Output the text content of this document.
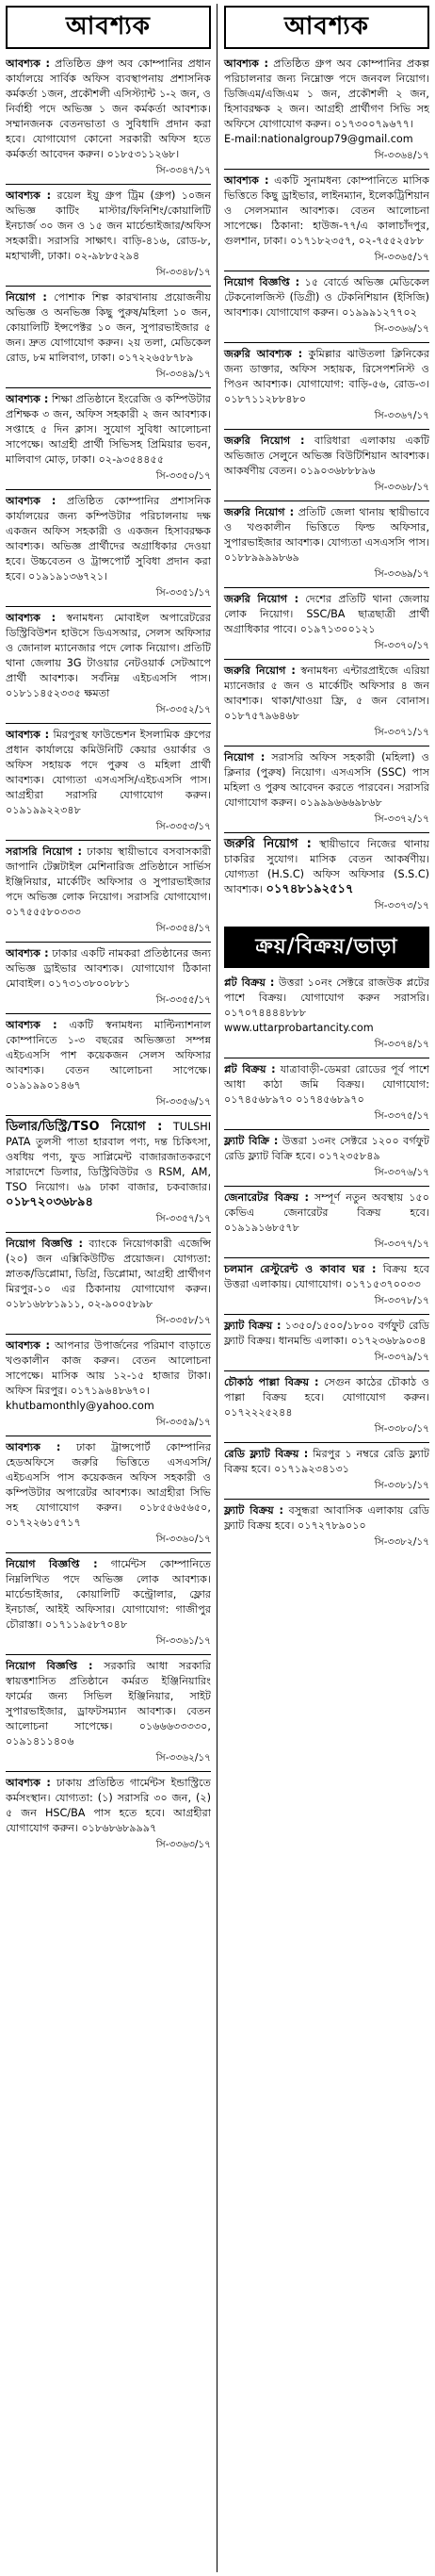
আবশ্যক
আবশ্যক : প্রতিষ্ঠিত গ্রুপ অব কোম্পানির প্রধান কার্যালয়ে সার্বিক অফিস ব্যবস্থাপনায় প্রশাসনিক কর্মকর্তা ১জন, প্রকৌশলী এসিস্ট্যান্ট ১-২ জন, ও নির্বাহী পদে অভিজ্ঞ ১ জন কর্মকর্তা আবশ্যক। সম্মানজনক বেতনভাতা ও সুবিধাদি প্রদান করা হবে। যোগাযোগ কোনো সরকারী অফিস হতে কর্মকর্তা আবেদন করুন। ০১৮৫৩১১২৬৮।
সি-৩৩৪৭/১৭
আবশ্যক : রয়েল ইয়ু গ্রুপ ট্রিম (গ্রুপ) ১০জন অভিজ্ঞ কাটিং মাস্টার/ফিনিশিং/কোয়ালিটি ইনচার্জ ৩০ জন ও ১৫ জন মার্চেন্ডাইজার/অফিস সহকারী। সরাসরি সাক্ষাৎ। বাড়ি-৪১৬, রোড-৮, মহাখালী, ঢাকা। ০২-৯৮৮৫২৯৪
সি-৩৩৪৮/১৭
নিয়োগ : পোশাক শিল্প কারখানায় প্রয়োজনীয় অভিজ্ঞ ও অনভিজ্ঞ কিছু পুরুষ/মহিলা ১০ জন, কোয়ালিটি ইন্সপেক্টর ১০ জন, সুপারভাইজার ৫ জন। দ্রুত যোগাযোগ করুন। ২য় তলা, মেডিকেল রোড, ৮ম মালিবাগ, ঢাকা। ০১৭২২৬৫৮৭৮৯
সি-৩৩৪৯/১৭
আবশ্যক : শিক্ষা প্রতিষ্ঠানে ইংরেজি ও কম্পিউটার প্রশিক্ষক ৩ জন, অফিস সহকারী ২ জন আবশ্যক। সপ্তাহে ৫ দিন ক্লাস। সুযোগ সুবিধা আলোচনা সাপেক্ষে। আগ্রহী প্রার্থী সিভিসহ প্রিমিয়ার ভবন, মালিবাগ মোড়, ঢাকা। ০২-৯৩৫৪৪৫৫
সি-৩৩৫০/১৭
আবশ্যক : প্রতিষ্ঠিত কোম্পানির প্রশাসনিক কার্যালয়ের জন্য কম্পিউটার পরিচালনায় দক্ষ একজন অফিস সহকারী ও একজন হিসাবরক্ষক আবশ্যক। অভিজ্ঞ প্রার্থীদের অগ্রাধিকার দেওয়া হবে। উচ্চবেতন ও ট্রান্সপোর্ট সুবিধা প্রদান করা হবে। ০১৯১৯১৩৬৭২১।
সি-৩৩৫১/১৭
আবশ্যক : স্বনামধন্য মোবাইল অপারেটরের ডিস্ট্রিবিউশন হাউসে ডিএসআর, সেলস অফিসার ও জোনাল ম্যানেজার পদে লোক নিয়োগ। প্রতিটি থানা জেলায় 3G টাওয়ার নেটওয়ার্ক সেটআপে প্রার্থী আবশ্যক। সর্বনিম্ন এইচএসসি পাস। ০১৮১১৪৫২৩৩৫ ক্ষমতা
সি-৩৩৫২/১৭
আবশ্যক : মিরপুরস্থ ফাউন্ডেশন ইসলামিক গ্রুপের প্রধান কার্যালয়ে কমিউনিটি কেয়ার ওয়ার্কার ও অফিস সহায়ক পদে পুরুষ ও মহিলা প্রার্থী আবশ্যক। যোগ্যতা এসএসসি/এইচএসসি পাস। আগ্রহীরা সরাসরি যোগাযোগ করুন। ০১৯১৯৯২২৩৪৮
সি-৩৩৫৩/১৭
সরাসরি নিয়োগ : ঢাকায় স্থায়ীভাবে বসবাসকারী জাপানি টেক্সটাইল মেশিনারিজ প্রতিষ্ঠানে সার্ভিস ইঞ্জিনিয়ার, মার্কেটিং অফিসার ও সুপারভাইজার পদে অভিজ্ঞ লোক নিয়োগ। সরাসরি যোগাযোগ। ০১৭৫৫৫৮০৩৩৩
সি-৩৩৫৪/১৭
আবশ্যক : ঢাকার একটি নামকরা প্রতিষ্ঠানের জন্য অভিজ্ঞ ড্রাইভার আবশ্যক। যোগাযোগ ঠিকানা মোবাইল। ০১৭৩১৩৮০০৮৮১
সি-৩৩৫৫/১৭
আবশ্যক : একটি স্বনামধন্য মাল্টিন্যাশনাল কোম্পানিতে ১-৩ বছরের অভিজ্ঞতা সম্পন্ন এইচএসসি পাশ কয়েকজন সেলস অফিসার আবশ্যক। বেতন আলোচনা সাপেক্ষে। ০১৯১৯৯০১৪৬৭
সি-৩৩৫৬/১৭
ডিলার/ডিস্ট্রি/TSO নিয়োগ : TULSHI PATA তুলসী পাতা হারবাল পণ্য, দন্ত চিকিৎসা, ওষধিয় পণ্য, ফুড সাপ্লিমেন্ট বাজারজাতকরণে সারাদেশে ডিলার, ডিস্ট্রিবিউটর ও RSM, AM, TSO নিয়োগ। ৬৯ ঢাকা বাজার, চকবাজার। ০১৮৭২০৩৬৮৯৪
সি-৩৩৫৭/১৭
নিয়োগ বিজ্ঞপ্তি : ব্যাংকে নিয়োগকারী এজেন্সি (২০) জন এক্সিকিউটিভ প্রয়োজন। যোগ্যতা: স্নাতক/ডিপ্লোমা, ডিগ্রি, ডিপ্লোমা, আগ্রহী প্রার্থীগণ মিরপুর-১০ এর ঠিকানায় যোগাযোগ করুন। ০১৮১৬৮৮১৯১১, ০২-৯০০৫৮৯৮
সি-৩৩৫৮/১৭
আবশ্যক : আপনার উপার্জনের পরিমাণ বাড়াতে খণ্ডকালীন কাজ করুন। বেতন আলোচনা সাপেক্ষে। মাসিক আয় ১২-১৫ হাজার টাকা। অফিস মিরপুর। ০১৭১৯৬৪৮৬৭০।
khutbamonthly@yahoo.com
সি-৩৩৫৯/১৭
আবশ্যক : ঢাকা ট্রান্সপোর্ট কোম্পানির হেডঅফিসে জরুরি ভিত্তিতে এসএসসি/এইচএসসি পাস কয়েকজন অফিস সহকারী ও কম্পিউটার অপারেটর আবশ্যক। আগ্রহীরা সিভি সহ যোগাযোগ করুন। ০১৮৫৫৬৫৬৫০, ০১৭২২৬১৫৭১৭
সি-৩৩৬০/১৭
নিয়োগ বিজ্ঞপ্তি : গার্মেন্টস কোম্পানিতে নিম্নলিখিত পদে অভিজ্ঞ লোক আবশ্যক। মার্চেন্ডাইজার, কোয়ালিটি কন্ট্রোলার, ফ্লোর ইনচার্জ, আইই অফিসার। যোগাযোগ: গাজীপুর চৌরাস্তা। ০১৭১১৯৫৮৭০৪৮
সি-৩৩৬১/১৭
নিয়োগ বিজ্ঞপ্তি : সরকারি আধা সরকারি স্বায়ত্তশাসিত প্রতিষ্ঠানে কর্মরত ইঞ্জিনিয়ারিং ফার্মের জন্য সিভিল ইঞ্জিনিয়ার, সাইট সুপারভাইজার, ড্রাফটসম্যান আবশ্যক। বেতন আলোচনা সাপেক্ষে।	০১৬৬৬৩৩৩৩০, ০১৯১৪১১৪০৬
সি-৩৩৬২/১৭
আবশ্যক : ঢাকায় প্রতিষ্ঠিত গার্মেন্টস ইন্ডাস্ট্রিতে কর্মসংস্থান। যোগ্যতা: (১) সরাসরি ৩০ জন, (২) ৫ জন HSC/BA পাস হতে হবে। আগ্রহীরা যোগাযোগ করুন। ০১৮৬৮৬৮৯৯৯৭
সি-৩৩৬৩/১৭
আবশ্যক
আবশ্যক : প্রতিষ্ঠিত গ্রুপ অব কোম্পানির প্রকল্প পরিচালনার জন্য নিম্নোক্ত পদে জনবল নিয়োগ। ডিজিএম/এজিএম ১ জন, প্রকৌশলী ২ জন, হিসাবরক্ষক ২ জন। আগ্রহী প্রার্থীগণ সিভি সহ অফিসে যোগাযোগ করুন। ০১৭৩০০৭৯৬৭৭।
E-mail:nationalgroup79@gmail.com
সি-৩৩৬৪/১৭
আবশ্যক : একটি সুনামধন্য কোম্পানিতে মাসিক ভিত্তিতে কিছু ড্রাইভার, লাইনম্যান, ইলেকট্রিশিয়ান ও সেলসম্যান আবশ্যক। বেতন আলোচনা সাপেক্ষে। ঠিকানা: হাউজ-৭৭/এ কালাচাঁদপুর, গুলশান, ঢাকা। ০১৭১৮২৩৫৭, ০২-৭৫৫২৫৮৮
সি-৩৩৬৫/১৭
নিয়োগ বিজ্ঞপ্তি : ১৫ বোর্ডে অভিজ্ঞ মেডিকেল টেকনোলজিস্ট (ডিগ্রী) ও টেকনিশিয়ান (ইসিজি) আবশ্যক। যোগাযোগ করুন। ০১৯৯৯১২৭৭০২
সি-৩৩৬৬/১৭
জরুরি আবশ্যক : কুমিল্লার ঝাউতলা ক্লিনিকের জন্য ডাক্তার, অফিস সহায়ক, রিসেপশনিস্ট ও পিওন আবশ্যক। যোগাযোগ: বাড়ি-৫৬, রোড-৩। ০১৮৭১১২৮৮৪৮০
সি-৩৩৬৭/১৭
জরুরি নিয়োগ : বারিধারা এলাকায় একটি অভিজাত সেলুনে অভিজ্ঞ বিউটিশিয়ান আবশ্যক। আকর্ষণীয় বেতন। ০১৯০৩৬৮৮৮৯৬
সি-৩৩৬৮/১৭
জরুরি নিয়োগ : প্রতিটি জেলা থানায় স্থায়ীভাবে ও খণ্ডকালীন ভিত্তিতে ফিল্ড অফিসার, সুপারভাইজার আবশ্যক। যোগ্যতা এসএসসি পাস। ০১৮৮৯৯৯৯৮৬৯
সি-৩৩৬৯/১৭
জরুরি নিয়োগ : দেশের প্রতিটি থানা জেলায় লোক নিয়োগ। SSC/BA ছাত্রছাত্রী প্রার্থী অগ্রাধিকার পাবে। ০১৯৭১৩০০১২১
সি-৩৩৭০/১৭
জরুরি নিয়োগ : স্বনামধন্য এন্টারপ্রাইজে এরিয়া ম্যানেজার ৫ জন ও মার্কেটিং অফিসার ৪ জন আবশ্যক। থাকা/খাওয়া ফ্রি, ৫ জন বোনাস। ০১৮৭৫৭৯৬৪৬৮
সি-৩৩৭১/১৭
নিয়োগ : সরাসরি অফিস সহকারী (মহিলা) ও ক্লিনার (পুরুষ) নিয়োগ। এসএসসি (SSC) পাস মহিলা ও পুরুষ আবেদন করতে পারবেন। সরাসরি যোগাযোগ করুন। ০১৯৯৯৬৬৬৯৮৬৮
সি-৩৩৭২/১৭
জরুরি নিয়োগ : স্থায়ীভাবে নিজের থানায় চাকরির সুযোগ। মাসিক বেতন আকর্ষণীয়। যোগ্যতা (H.S.C) অফিস অফিসার (S.S.C) আবশ্যক। ০১৭৪৮১৯২৫১৭
সি-৩৩৭৩/১৭
ক্রয়/বিক্রয়/ভাড়া
প্লট বিক্রয় : উত্তরা ১০নং সেক্টরে রাজউক প্লটের পাশে বিক্রয়। যোগাযোগ করুন সরাসরি। ০১৭০৭৪৪৪৪৮৮৮
www.uttarprobartancity.com
সি-৩৩৭৪/১৭
প্লট বিক্রয় : যাত্রাবাড়ী-ডেমরা রোডের পূর্ব পাশে আধা কাঠা জমি বিক্রয়। যোগাযোগ: ০১৭৪৫৬৮৯৭০ ০১৭৪৫৬৮৯৭০
সি-৩৩৭৫/১৭
ফ্ল্যাট বিক্রি : উত্তরা ১৩নং সেক্টরে ১২০০ বর্গফুট রেডি ফ্ল্যাট বিক্রি হবে। ০১৭২৩৫৮৪৯
সি-৩৩৭৬/১৭
জেনারেটর বিক্রয় : সম্পূর্ণ নতুন অবস্থায় ১৫০ কেভিএ জেনারেটর বিক্রয় হবে। ০১৯১৯১৬৮৫৭৮
সি-৩৩৭৭/১৭
চলমান রেস্টুরেন্ট ও কাবাব ঘর : বিক্রয় হবে উত্তরা এলাকায়। যোগাযোগ। ০১৭১৫৩৭০০৩৩
সি-৩৩৭৮/১৭
ফ্ল্যাট বিক্রয় : ১৩৫০/১৫০০/১৮০০ বর্গফুট রেডি ফ্ল্যাট বিক্রয়। ধানমন্ডি এলাকা। ০১৭২৩৬৮৯০৩৪
সি-৩৩৭৯/১৭
চৌকাঠ পাল্লা বিক্রয় : সেগুন কাঠের চৌকাঠ ও পাল্লা বিক্রয় হবে। যোগাযোগ করুন। ০১৭২২২৫২৪৪
সি-৩৩৮০/১৭
রেডি ফ্ল্যাট বিক্রয় : মিরপুর ১ নম্বরে রেডি ফ্ল্যাট বিক্রয় হবে। ০১৭১৯২৩৪১৩১
সি-৩৩৮১/১৭
ফ্ল্যাট বিক্রয় : বসুন্ধরা আবাসিক এলাকায় রেডি ফ্ল্যাট বিক্রয় হবে। ০১৭২৭৮৯০১০
সি-৩৩৮২/১৭
